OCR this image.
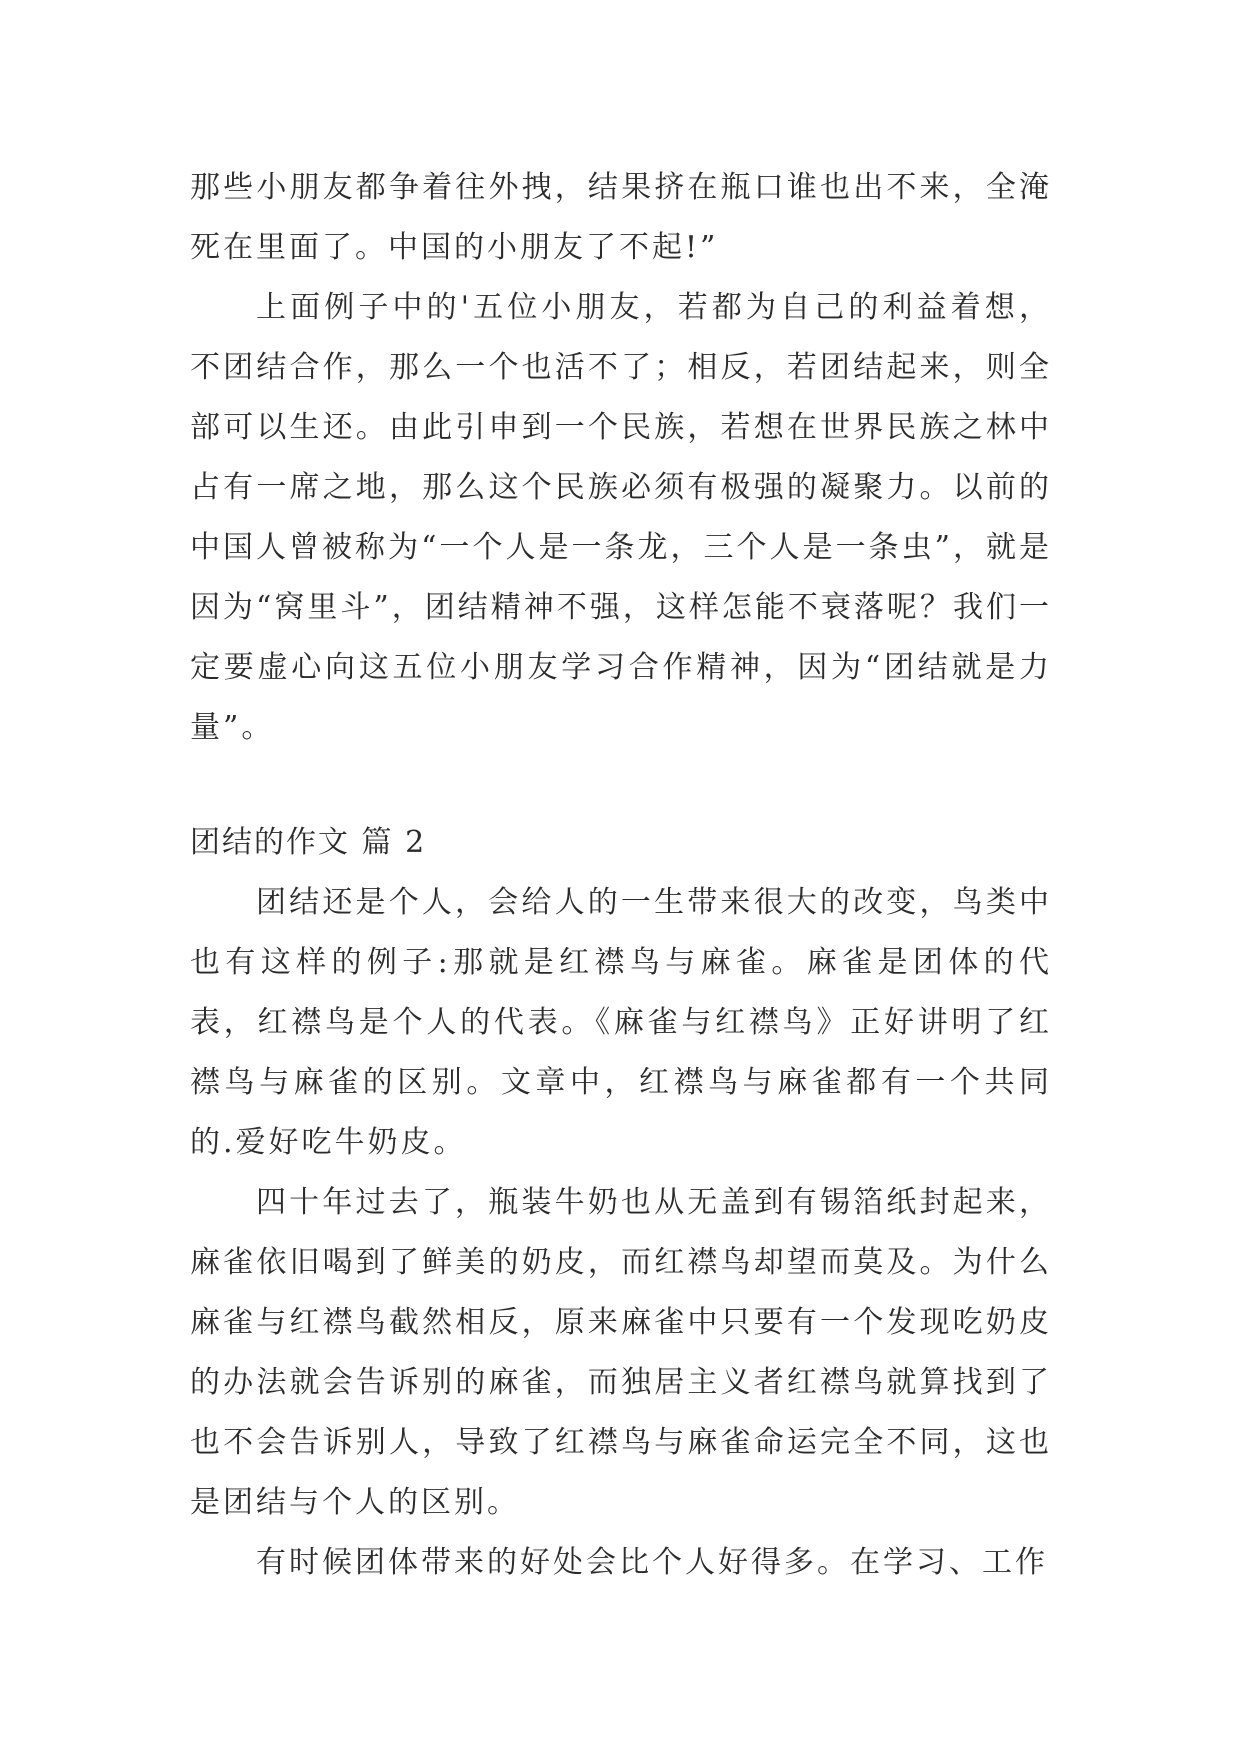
那些小朋友都争着往外拽，结果挤在瓶口谁也出不来，全淹死在里面了。中国的小朋友了不起!”

上面例子中的'五位小朋友，若都为自己的利益着想，不团结合作，那么一个也活不了；相反，若团结起来，则全部可以生还。由此引申到一个民族，若想在世界民族之林中占有一席之地，那么这个民族必须有极强的凝聚力。以前的中国人曾被称为“一个人是一条龙，三个人是一条虫”，就是因为“窝里斗”，团结精神不强，这样怎能不衰落呢？我们一定要虚心向这五位小朋友学习合作精神，因为“团结就是力量”。

团结的作文 篇 2

团结还是个人，会给人的一生带来很大的改变，鸟类中也有这样的例子:那就是红襟鸟与麻雀。麻雀是团体的代表，红襟鸟是个人的代表。《麻雀与红襟鸟》正好讲明了红襟鸟与麻雀的区别。文章中，红襟鸟与麻雀都有一个共同的.爱好吃牛奶皮。

四十年过去了，瓶装牛奶也从无盖到有锡箔纸封起来，麻雀依旧喝到了鲜美的奶皮，而红襟鸟却望而莫及。为什么麻雀与红襟鸟截然相反，原来麻雀中只要有一个发现吃奶皮的办法就会告诉别的麻雀，而独居主义者红襟鸟就算找到了也不会告诉别人，导致了红襟鸟与麻雀命运完全不同，这也是团结与个人的区别。

有时候团体带来的好处会比个人好得多。在学习、工作
